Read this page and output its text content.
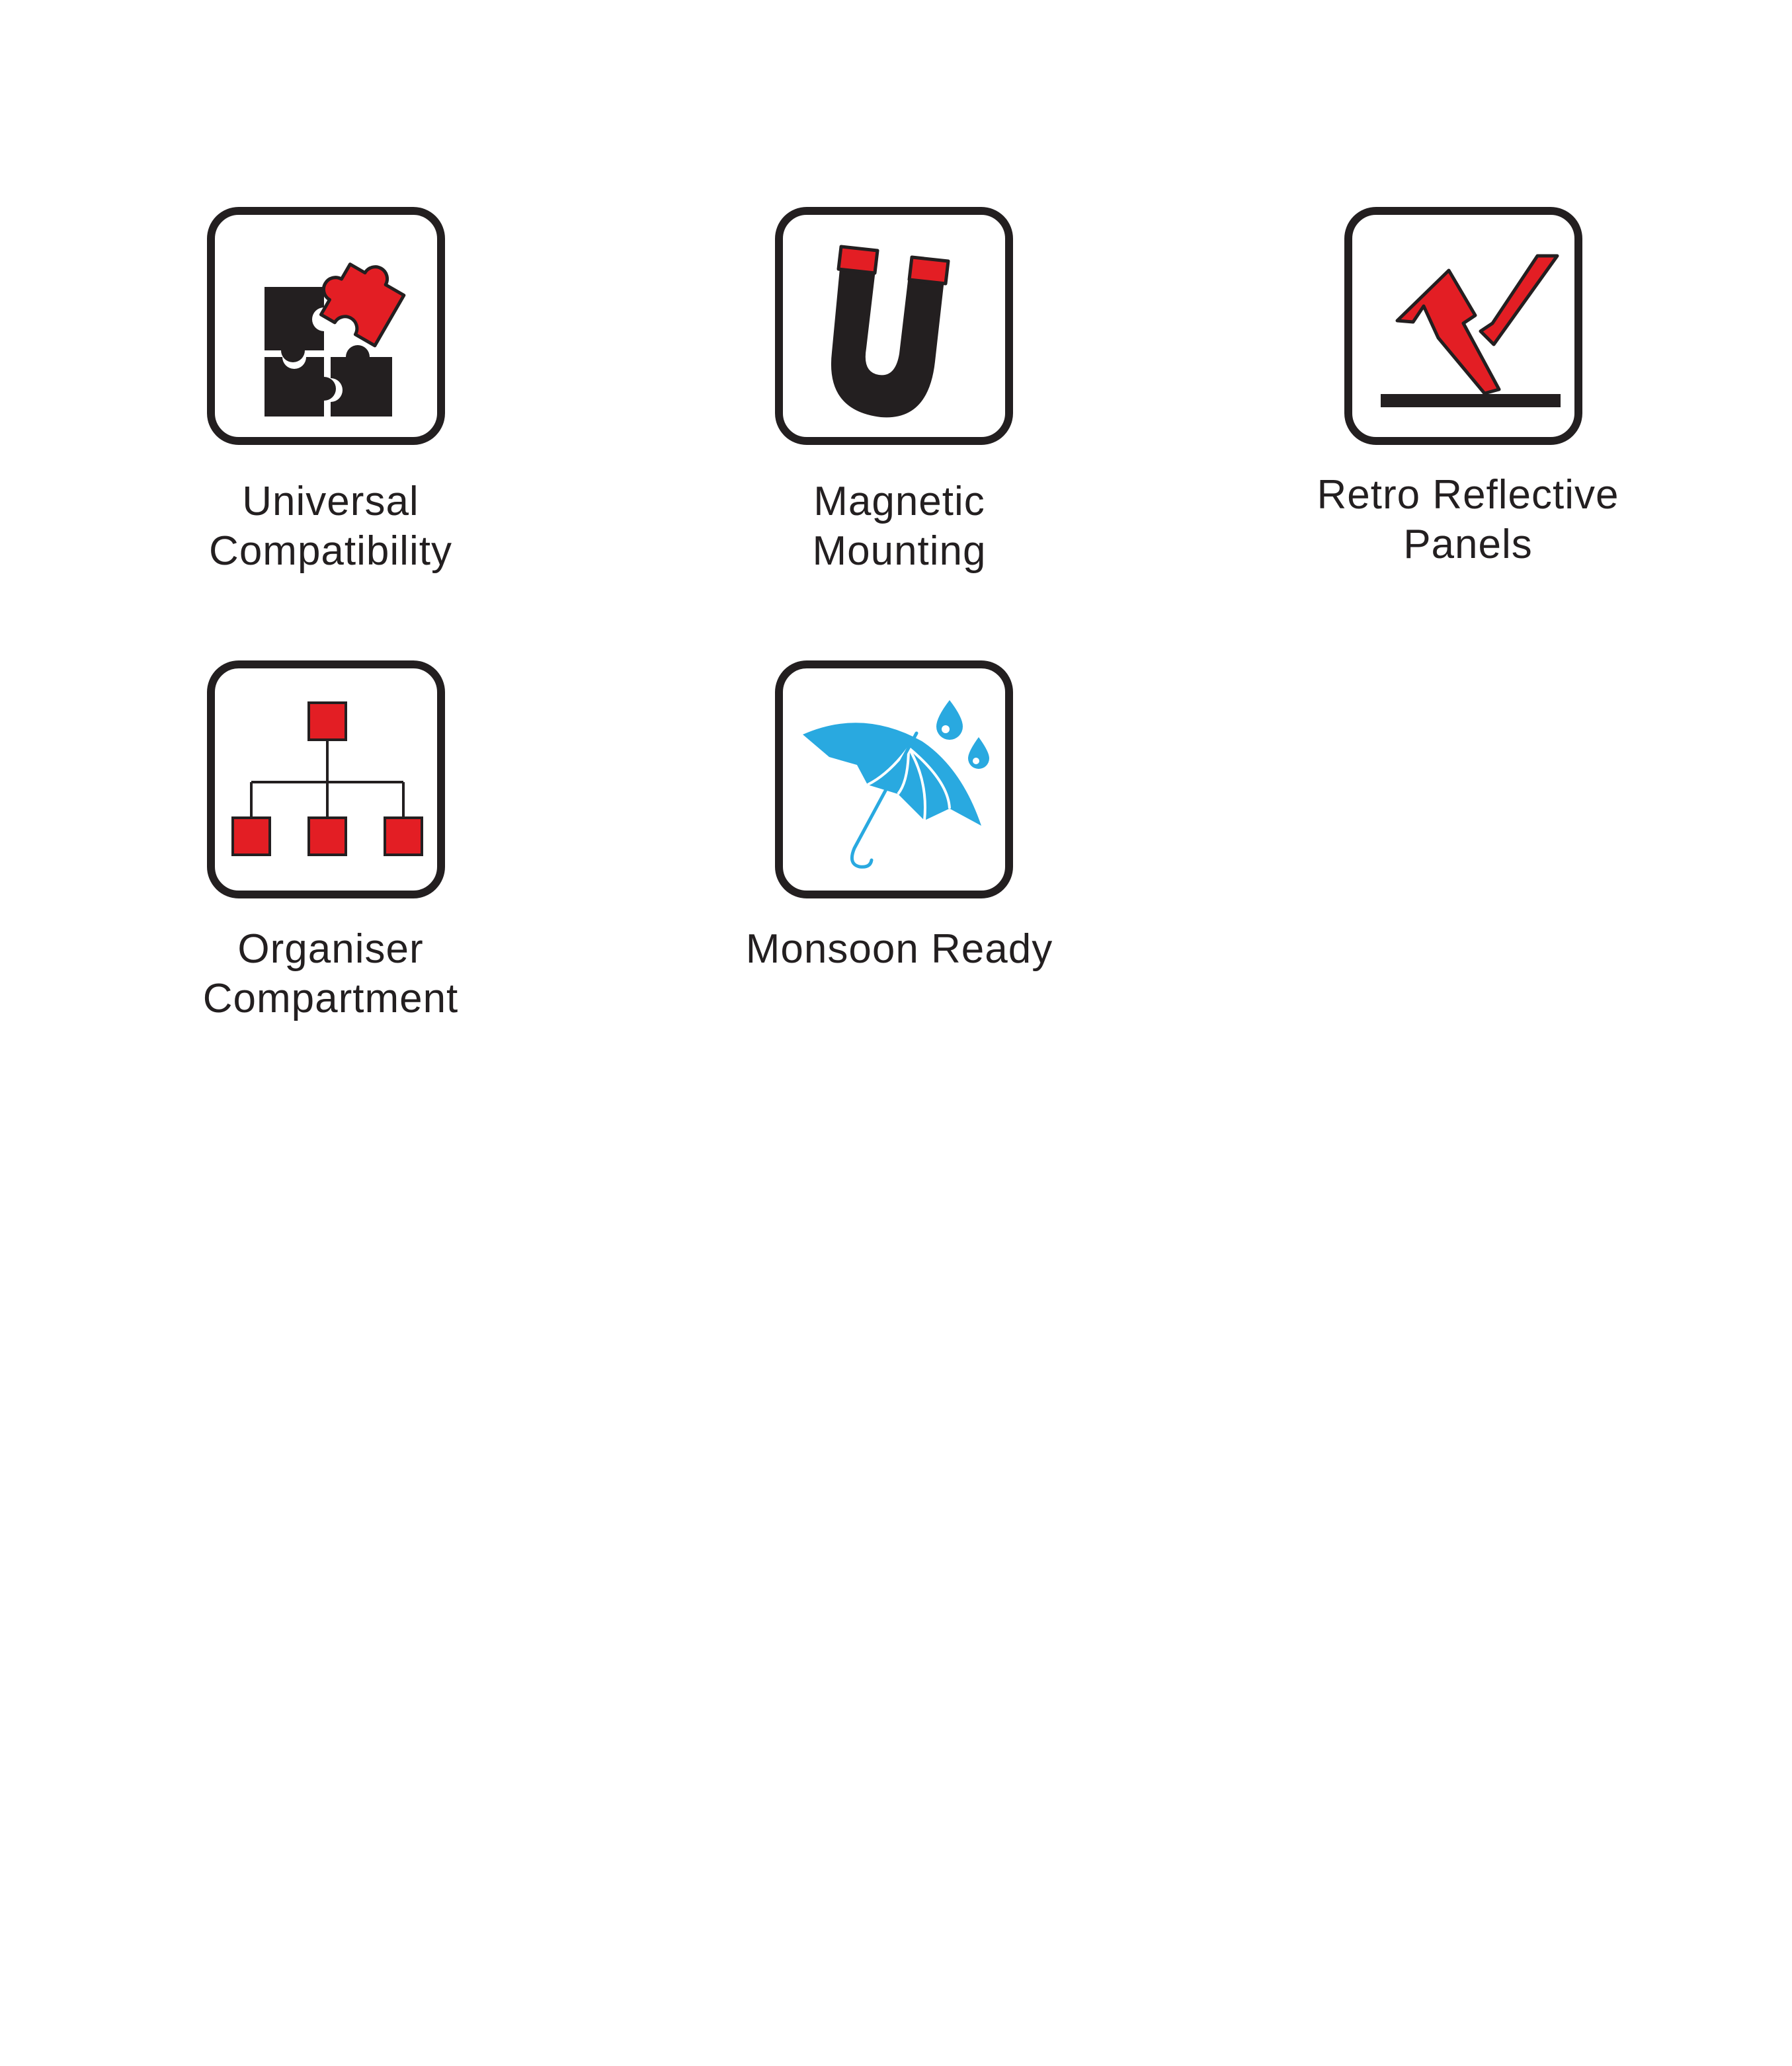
Universal
Compatibility
Magnetic
Mounting
Retro Reflective
Panels
Organiser
Compartment
Monsoon Ready
